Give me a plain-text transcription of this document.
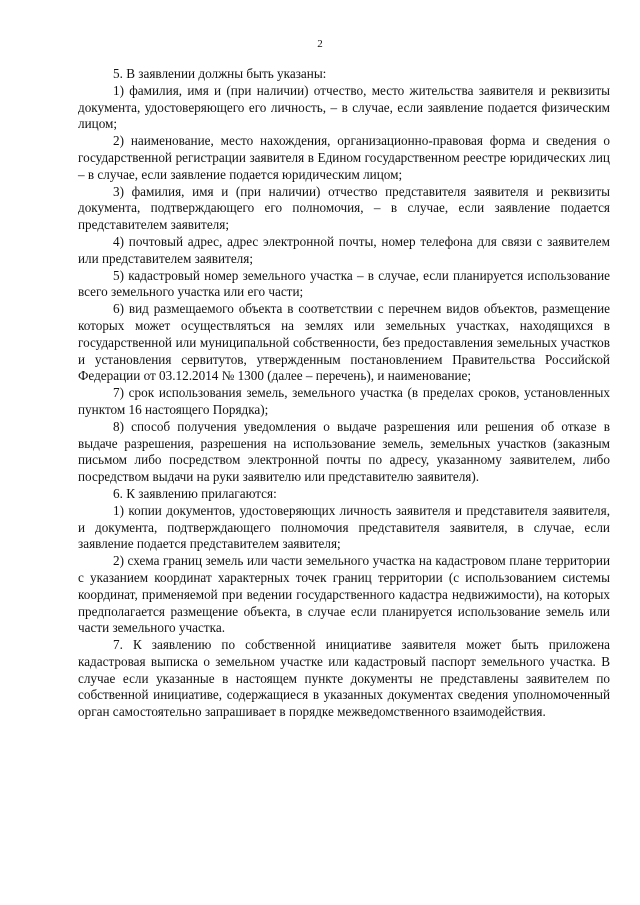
2

5. В заявлении должны быть указаны:

1) фамилия, имя и (при наличии) отчество, место жительства заявителя и реквизиты документа, удостоверяющего его личность, – в случае, если заявление подается физическим лицом;

2) наименование, место нахождения, организационно-правовая форма и сведения о государственной регистрации заявителя в Едином государственном реестре юридических лиц – в случае, если заявление подается юридическим лицом;

3) фамилия, имя и (при наличии) отчество представителя заявителя и реквизиты документа, подтверждающего его полномочия, – в случае, если заявление подается представителем заявителя;

4) почтовый адрес, адрес электронной почты, номер телефона для связи с заявителем или представителем заявителя;

5) кадастровый номер земельного участка – в случае, если планируется использование всего земельного участка или его части;

6) вид размещаемого объекта в соответствии с перечнем видов объектов, размещение которых может осуществляться на землях или земельных участках, находящихся в государственной или муниципальной собственности, без предоставления земельных участков и установления сервитутов, утвержденным постановлением Правительства Российской Федерации от 03.12.2014 № 1300 (далее – перечень), и наименование;

7) срок использования земель, земельного участка (в пределах сроков, установленных пунктом 16 настоящего Порядка);

8) способ получения уведомления о выдаче разрешения или решения об отказе в выдаче разрешения, разрешения на использование земель, земельных участков (заказным письмом либо посредством электронной почты по адресу, указанному заявителем, либо посредством выдачи на руки заявителю или представителю заявителя).

6. К заявлению прилагаются:

1) копии документов, удостоверяющих личность заявителя и представителя заявителя, и документа, подтверждающего полномочия представителя заявителя, в случае, если заявление подается представителем заявителя;

2) схема границ земель или части земельного участка на кадастровом плане территории с указанием координат характерных точек границ территории (с использованием системы координат, применяемой при ведении государственного кадастра недвижимости), на которых предполагается размещение объекта, в случае если планируется использование земель или части земельного участка.

7. К заявлению по собственной инициативе заявителя может быть приложена кадастровая выписка о земельном участке или кадастровый паспорт земельного участка. В случае если указанные в настоящем пункте документы не представлены заявителем по собственной инициативе, содержащиеся в указанных документах сведения уполномоченный орган самостоятельно запрашивает в порядке межведомственного взаимодействия.
